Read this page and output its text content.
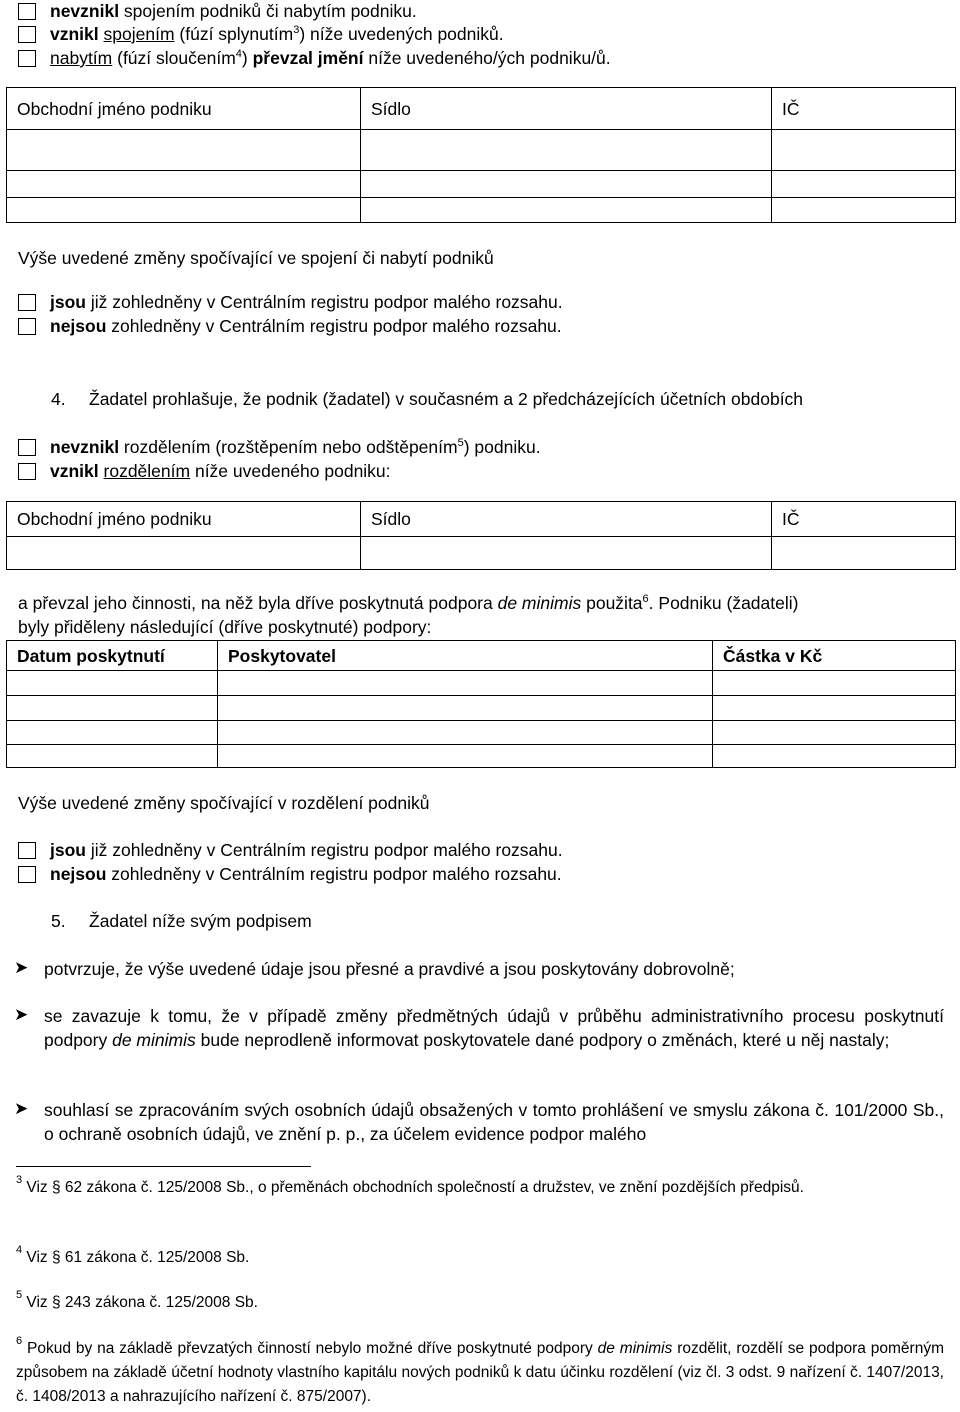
nevznikl spojením podniků či nabytím podniku.
vznikl spojením (fúzí splynutím$^3$) níže uvedených podniků.
nabytím (fúzí sloučením$^4$) převzal jmění níže uvedeného/ých podniku/ů.
Obchodní jméno podniku	Sídlo	IČ

Výše uvedené změny spočívající ve spojení či nabytí podniků
jsou již zohledněny v Centrálním registru podpor malého rozsahu.
nejsou zohledněny v Centrálním registru podpor malého rozsahu.
4. Žadatel prohlašuje, že podnik (žadatel) v současném a 2 předcházejících účetních obdobích
nevznikl rozdělením (rozštěpením nebo odštěpením$^5$) podniku.
vznikl rozdělením níže uvedeného podniku:
Obchodní jméno podniku	Sídlo	IČ

a převzal jeho činnosti, na něž byla dříve poskytnutá podpora de minimis použita$^6$. Podniku (žadateli)
byly přiděleny následující (dříve poskytnuté) podpory:
Datum poskytnutí	Poskytovatel	Částka v Kč

Výše uvedené změny spočívající v rozdělení podniků
jsou již zohledněny v Centrálním registru podpor malého rozsahu.
nejsou zohledněny v Centrálním registru podpor malého rozsahu.
5. Žadatel níže svým podpisem
➤ potvrzuje, že výše uvedené údaje jsou přesné a pravdivé a jsou poskytovány dobrovolně;
➤ se zavazuje k tomu, že v případě změny předmětných údajů v průběhu administrativního procesu poskytnutí podpory de minimis bude neprodleně informovat poskytovatele dané podpory o změnách, které u něj nastaly;
➤ souhlasí se zpracováním svých osobních údajů obsažených v tomto prohlášení ve smyslu zákona č. 101/2000 Sb., o ochraně osobních údajů, ve znění p. p., za účelem evidence podpor malého
$^3$ Viz § 62 zákona č. 125/2008 Sb., o přeměnách obchodních společností a družstev, ve znění pozdějších předpisů.
$^4$ Viz § 61 zákona č. 125/2008 Sb.
$^5$ Viz § 243 zákona č. 125/2008 Sb.
$^6$ Pokud by na základě převzatých činností nebylo možné dříve poskytnuté podpory de minimis rozdělit, rozdělí se podpora poměrným způsobem na základě účetní hodnoty vlastního kapitálu nových podniků k datu účinku rozdělení (viz čl. 3 odst. 9 nařízení č. 1407/2013, č. 1408/2013 a nahrazujícího nařízení č. 875/2007).
